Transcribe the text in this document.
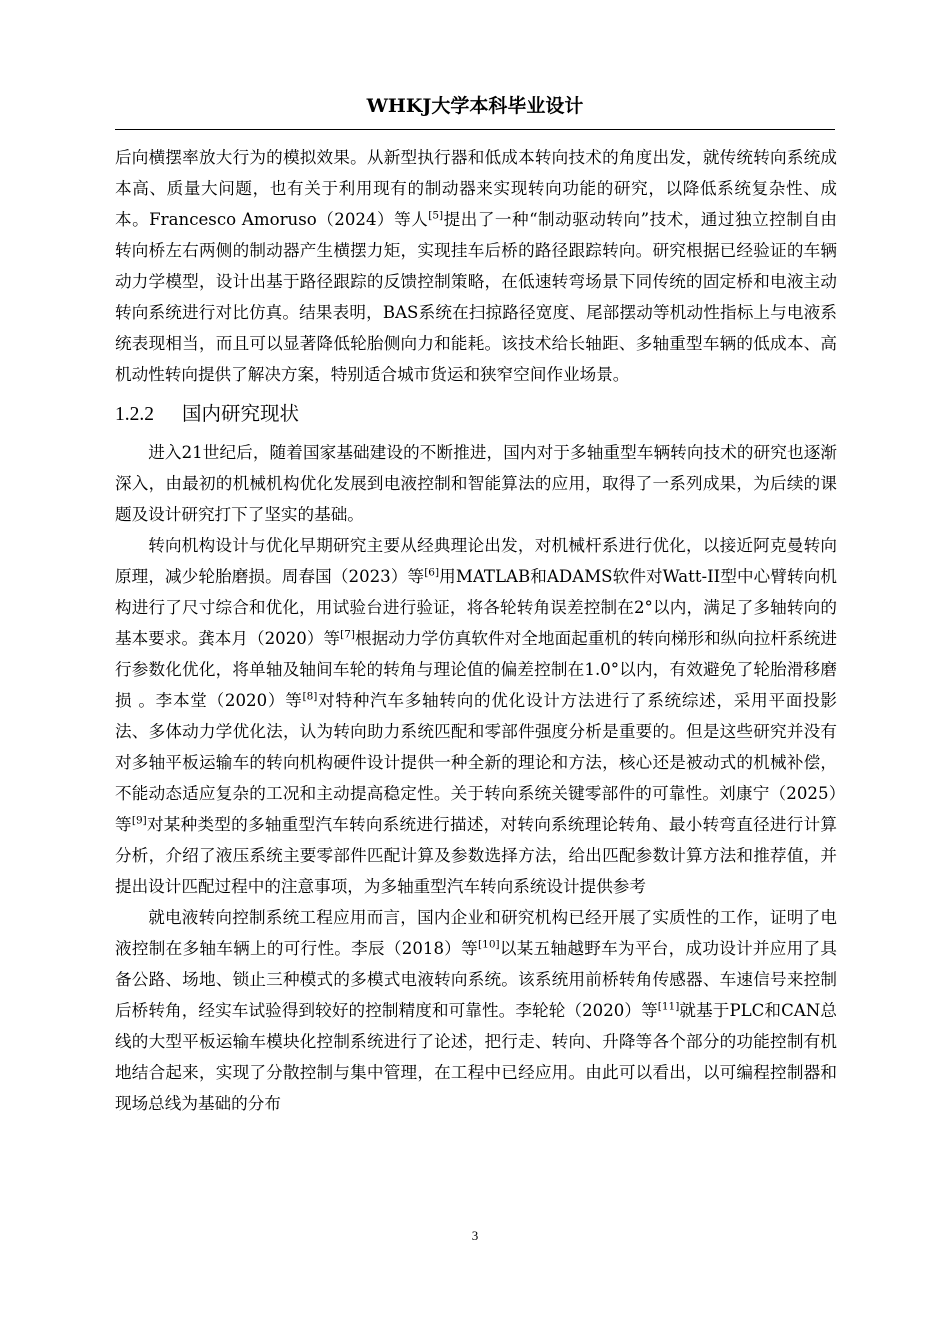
WHKJ大学本科毕业设计

后向横摆率放大行为的模拟效果。从新型执行器和低成本转向技术的角度出发，就传统转向系统成本高、质量大问题，也有关于利用现有的制动器来实现转向功能的研究，以降低系统复杂性、成本。Francesco Amoruso（2024）等人[5]提出了一种“制动驱动转向”技术，通过独立控制自由转向桥左右两侧的制动器产生横摆力矩，实现挂车后桥的路径跟踪转向。研究根据已经验证的车辆动力学模型，设计出基于路径跟踪的反馈控制策略，在低速转弯场景下同传统的固定桥和电液主动转向系统进行对比仿真。结果表明，BAS系统在扫掠路径宽度、尾部摆动等机动性指标上与电液系统表现相当，而且可以显著降低轮胎侧向力和能耗。该技术给长轴距、多轴重型车辆的低成本、高机动性转向提供了解决方案，特别适合城市货运和狭窄空间作业场景。

1.2.2 国内研究现状

进入21世纪后，随着国家基础建设的不断推进，国内对于多轴重型车辆转向技术的研究也逐渐深入，由最初的机械机构优化发展到电液控制和智能算法的应用，取得了一系列成果，为后续的课题及设计研究打下了坚实的基础。

转向机构设计与优化早期研究主要从经典理论出发，对机械杆系进行优化，以接近阿克曼转向原理，减少轮胎磨损。周春国（2023）等[6]用MATLAB和ADAMS软件对Watt-II型中心臂转向机构进行了尺寸综合和优化，用试验台进行验证，将各轮转角误差控制在2°以内，满足了多轴转向的基本要求。龚本月（2020）等[7]根据动力学仿真软件对全地面起重机的转向梯形和纵向拉杆系统进行参数化优化，将单轴及轴间车轮的转角与理论值的偏差控制在1.0°以内，有效避免了轮胎滑移磨损 。李本堂（2020）等[8]对特种汽车多轴转向的优化设计方法进行了系统综述，采用平面投影法、多体动力学优化法，认为转向助力系统匹配和零部件强度分析是重要的。但是这些研究并没有对多轴平板运输车的转向机构硬件设计提供一种全新的理论和方法，核心还是被动式的机械补偿，不能动态适应复杂的工况和主动提高稳定性。关于转向系统关键零部件的可靠性。刘康宁（2025）等[9]对某种类型的多轴重型汽车转向系统进行描述，对转向系统理论转角、最小转弯直径进行计算分析，介绍了液压系统主要零部件匹配计算及参数选择方法，给出匹配参数计算方法和推荐值，并提出设计匹配过程中的注意事项，为多轴重型汽车转向系统设计提供参考

就电液转向控制系统工程应用而言，国内企业和研究机构已经开展了实质性的工作，证明了电液控制在多轴车辆上的可行性。李辰（2018）等[10]以某五轴越野车为平台，成功设计并应用了具备公路、场地、锁止三种模式的多模式电液转向系统。该系统用前桥转角传感器、车速信号来控制后桥转角，经实车试验得到较好的控制精度和可靠性。李轮轮（2020）等[11]就基于PLC和CAN总线的大型平板运输车模块化控制系统进行了论述，把行走、转向、升降等各个部分的功能控制有机地结合起来，实现了分散控制与集中管理，在工程中已经应用。由此可以看出，以可编程控制器和现场总线为基础的分布

3
